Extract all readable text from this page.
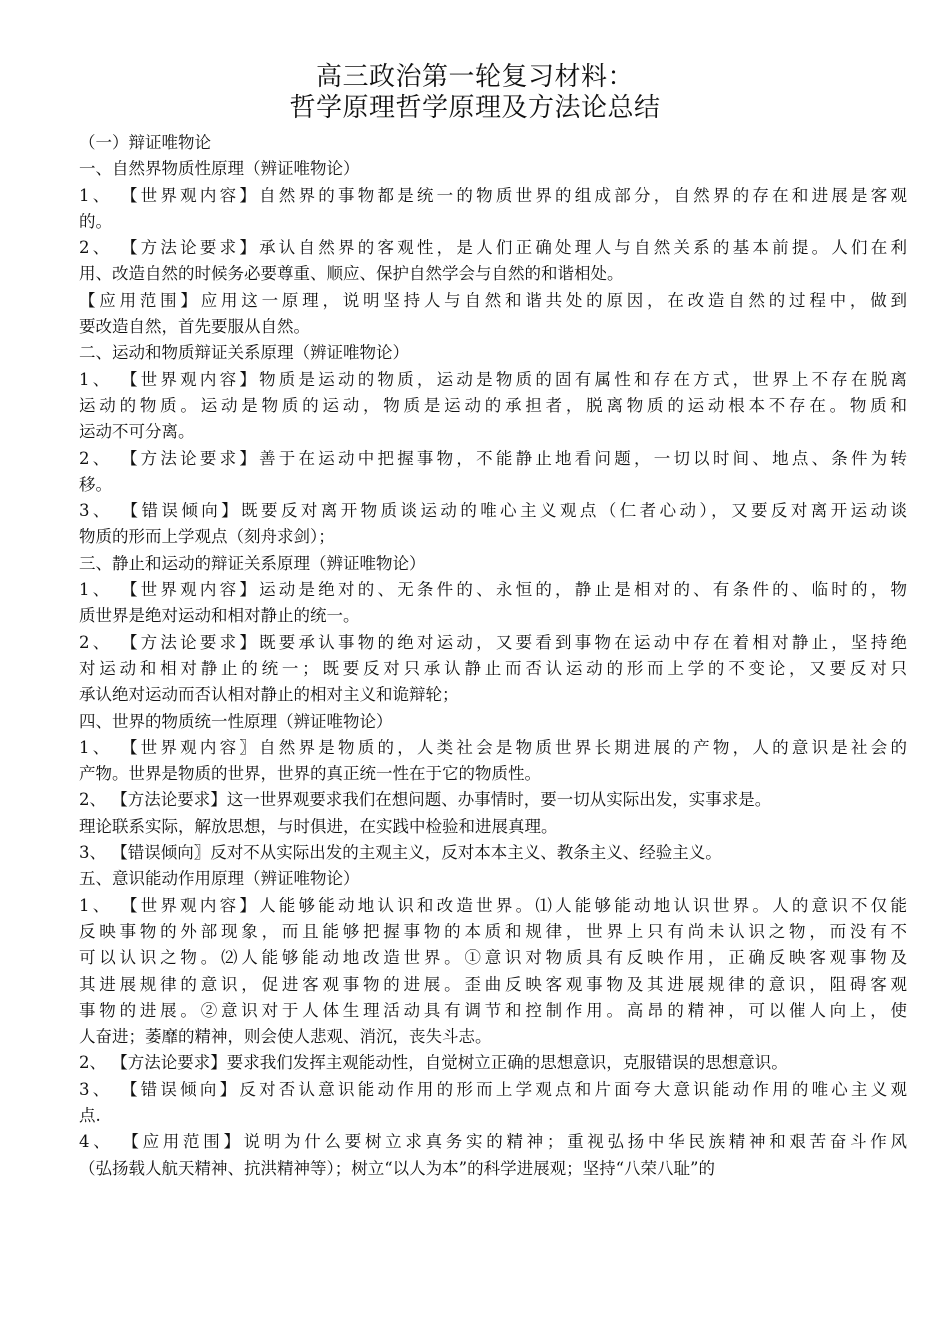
高三政治第一轮复习材料：
哲学原理哲学原理及方法论总结
（一）辩证唯物论
一、自然界物质性原理（辨证唯物论）
1、 【世界观内容】自然界的事物都是统一的物质世界的组成部分，自然界的存在和进展是客观
的。
2、 【方法论要求】承认自然界的客观性，是人们正确处理人与自然关系的基本前提。人们在利
用、改造自然的时候务必要尊重、顺应、保护自然学会与自然的和谐相处。
【应用范围】应用这一原理，说明坚持人与自然和谐共处的原因，在改造自然的过程中，做到
要改造自然，首先要服从自然。
二、运动和物质辩证关系原理（辨证唯物论）
1、 【世界观内容】物质是运动的物质，运动是物质的固有属性和存在方式，世界上不存在脱离
运动的物质。运动是物质的运动，物质是运动的承担者，脱离物质的运动根本不存在。物质和
运动不可分离。
2、 【方法论要求】善于在运动中把握事物，不能静止地看问题，一切以时间、地点、条件为转
移。
3、 【错误倾向】既要反对离开物质谈运动的唯心主义观点（仁者心动），又要反对离开运动谈
物质的形而上学观点（刻舟求剑）；
三、静止和运动的辩证关系原理（辨证唯物论）
1、 【世界观内容】运动是绝对的、无条件的、永恒的，静止是相对的、有条件的、临时的，物
质世界是绝对运动和相对静止的统一。
2、 【方法论要求】既要承认事物的绝对运动，又要看到事物在运动中存在着相对静止，坚持绝
对运动和相对静止的统一；既要反对只承认静止而否认运动的形而上学的不变论，又要反对只
承认绝对运动而否认相对静止的相对主义和诡辩轮；
四、世界的物质统一性原理（辨证唯物论）
1、 【世界观内容〗自然界是物质的，人类社会是物质世界长期进展的产物，人的意识是社会的
产物。世界是物质的世界，世界的真正统一性在于它的物质性。
2、 【方法论要求】这一世界观要求我们在想问题、办事情时，要一切从实际出发，实事求是。
理论联系实际，解放思想，与时俱进，在实践中检验和进展真理。
3、 【错误倾向〗反对不从实际出发的主观主义，反对本本主义、教条主义、经验主义。
五、意识能动作用原理（辨证唯物论）
1、 【世界观内容】人能够能动地认识和改造世界。⑴人能够能动地认识世界。人的意识不仅能
反映事物的外部现象，而且能够把握事物的本质和规律，世界上只有尚未认识之物，而没有不
可以认识之物。⑵人能够能动地改造世界。①意识对物质具有反映作用，正确反映客观事物及
其进展规律的意识，促进客观事物的进展。歪曲反映客观事物及其进展规律的意识，阻碍客观
事物的进展。②意识对于人体生理活动具有调节和控制作用。高昂的精神，可以催人向上，使
人奋进；萎靡的精神，则会使人悲观、消沉，丧失斗志。
2、 【方法论要求】要求我们发挥主观能动性，自觉树立正确的思想意识，克服错误的思想意识。
3、 【错误倾向】反对否认意识能动作用的形而上学观点和片面夸大意识能动作用的唯心主义观
点.
4、 【应用范围】说明为什么要树立求真务实的精神；重视弘扬中华民族精神和艰苦奋斗作风
（弘扬载人航天精神、抗洪精神等）；树立“以人为本”的科学进展观；坚持“八荣八耻”的
